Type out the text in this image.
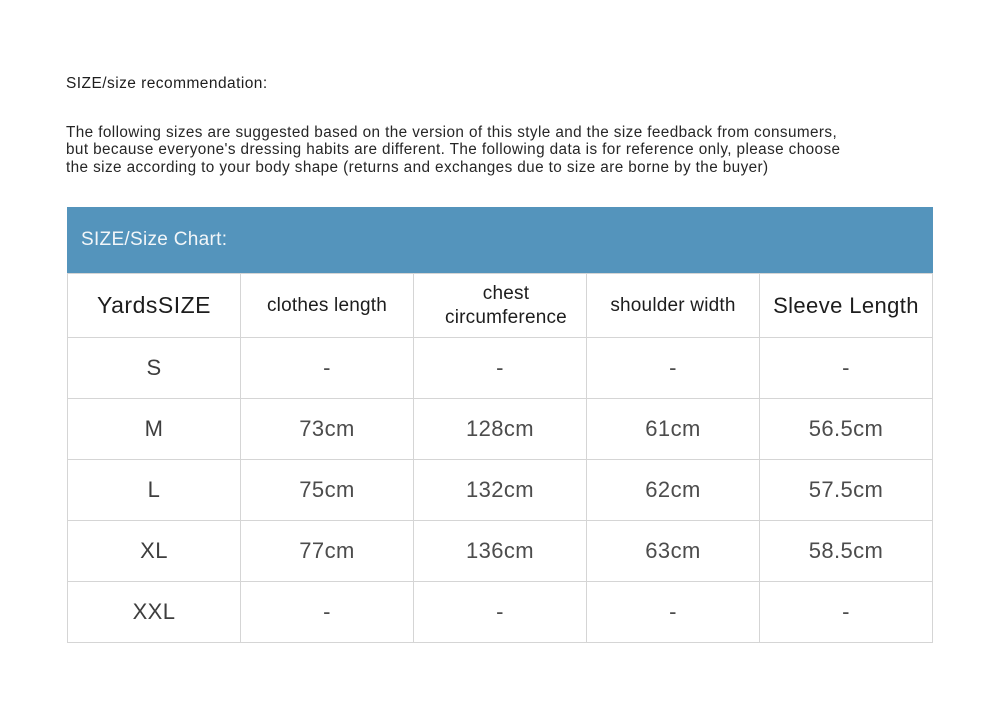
SIZE/size recommendation:
The following sizes are suggested based on the version of this style and the size feedback from consumers,
but because everyone's dressing habits are different. The following data is for reference only, please choose
the size according to your body shape (returns and exchanges due to size are borne by the buyer)
SIZE/Size Chart:
YardsSIZE	clothes length	chest circumference	shoulder width	Sleeve Length
S	-	-	-	-
M	73cm	128cm	61cm	56.5cm
L	75cm	132cm	62cm	57.5cm
XL	77cm	136cm	63cm	58.5cm
XXL	-	-	-	-
